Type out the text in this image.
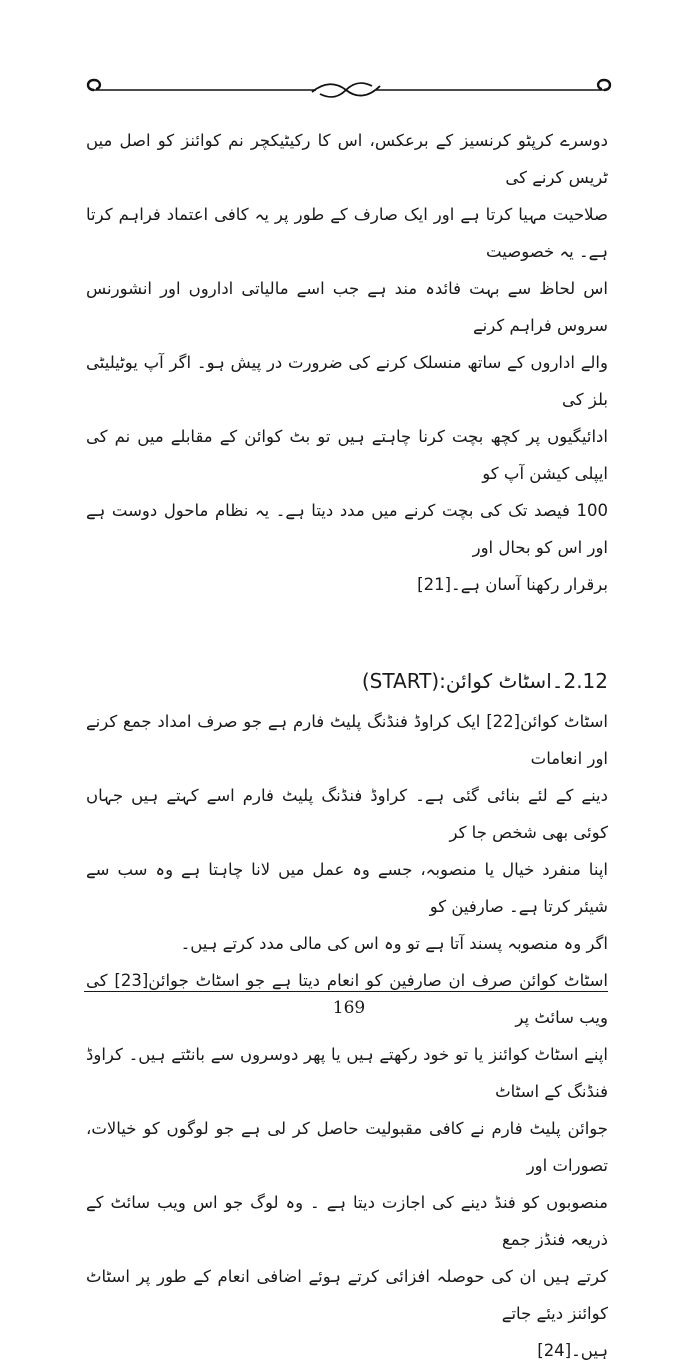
دوسرے کرپٹو کرنسیز کے برعکس، اس کا رکیٹیکچر نم کوائنز کو اصل میں ٹریس کرنے کی

صلاحیت مہیا کرتا ہے اور ایک صارف کے طور پر یہ کافی اعتماد فراہم کرتا ہے۔ یہ خصوصیت

اس لحاظ سے بہت فائدہ مند ہے جب اسے مالیاتی اداروں اور انشورنس سروس فراہم کرنے

والے اداروں کے ساتھ منسلک کرنے کی ضرورت در پیش ہو۔ اگر آپ یوٹیلیٹی بلز کی

ادائیگیوں پر کچھ بچت کرنا چاہتے ہیں تو بٹ کوائن کے مقابلے میں نم کی ایپلی کیشن آپ کو

100 فیصد تک کی بچت کرنے میں مدد دیتا ہے۔ یہ نظام ماحول دوست ہے اور اس کو بحال اور

برقرار رکھنا آسان ہے۔[21]

2.12۔اسٹاٹ کوائن:(START)

اسٹاٹ کوائن[22] ایک کراوڈ فنڈنگ پلیٹ فارم ہے جو صرف امداد جمع کرنے اور انعامات

دینے کے لئے بنائی گئی ہے۔ کراوڈ فنڈنگ پلیٹ فارم اسے کہتے ہیں جہاں کوئی بھی شخص جا کر

اپنا منفرد خیال یا منصوبہ، جسے وہ عمل میں لانا چاہتا ہے وہ سب سے شیئر کرتا ہے۔ صارفین کو

اگر وہ منصوبہ پسند آتا ہے تو وہ اس کی مالی مدد کرتے ہیں۔

اسٹاٹ کوائن صرف ان صارفین کو انعام دیتا ہے جو اسٹاٹ جوائن[23] کی ویب سائٹ پر

اپنے اسٹاٹ کوائنز یا تو خود رکھتے ہیں یا پھر دوسروں سے بانٹتے ہیں۔ کراوڈ فنڈنگ کے اسٹاٹ

جوائن پلیٹ فارم نے کافی مقبولیت حاصل کر لی ہے جو لوگوں کو خیالات، تصورات اور

منصوبوں کو فنڈ دینے کی اجازت دیتا ہے ۔ وہ لوگ جو اس ویب سائٹ کے ذریعہ فنڈز جمع

کرتے ہیں ان کی حوصلہ افزائی کرتے ہوئے اضافی انعام کے طور پر اسٹاٹ کوائنز دیئے جاتے

ہیں۔[24]

169
